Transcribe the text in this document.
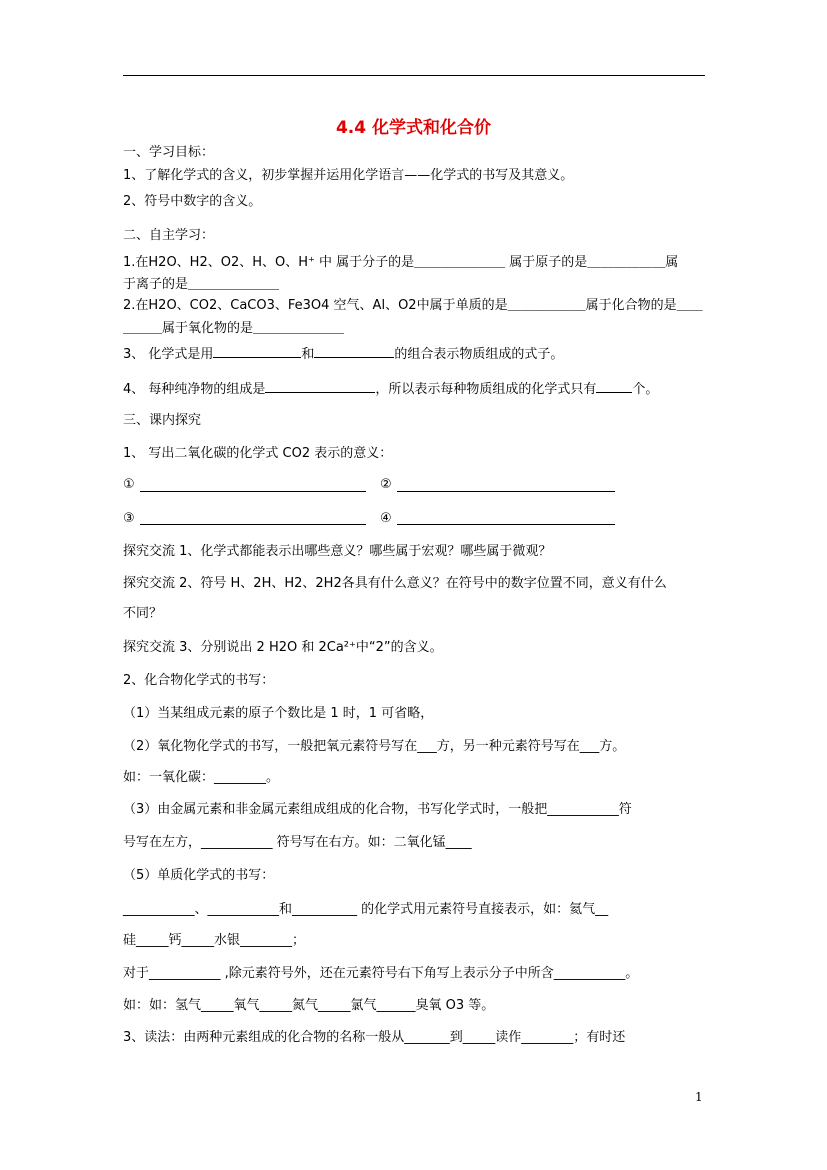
4.4 化学式和化合价
一、学习目标：
1、了解化学式的含义，初步掌握并运用化学语言——化学式的书写及其意义。
2、符号中数字的含义。
二、自主学习：
1.在H2O、H2、O2、H、O、H⁺ 中 属于分子的是＿＿＿＿＿＿＿ 属于原子的是＿＿＿＿＿＿属
于离子的是＿＿＿＿＿＿＿
2.在H2O、CO2、CaCO3、Fe3O4 空气、Al、O2中属于单质的是＿＿＿＿＿＿属于化合物的是＿＿
＿＿＿属于氧化物的是＿＿＿＿＿＿＿
3、 化学式是用	和	的组合表示物质组成的式子。
4、 每种纯净物的组成是	，所以表示每种物质组成的化学式只有	个。
三、课内探究
1、 写出二氧化碳的化学式 CO2 表示的意义：
①	②
③	④
探究交流 1、化学式都能表示出哪些意义？哪些属于宏观？哪些属于微观？
探究交流 2、符号 H、2H、H2、2H2各具有什么意义？在符号中的数字位置不同，意义有什么
不同？
探究交流 3、分别说出 2 H2O 和 2Ca²⁺中“2”的含义。
2、化合物化学式的书写：
（1）当某组成元素的原子个数比是 1 时，1 可省略，
（2）氧化物化学式的书写，一般把氧元素符号写在___方，另一种元素符号写在___方。
如：一氧化碳：________。
（3）由金属元素和非金属元素组成组成的化合物，书写化学式时，一般把___________符
号写在左方，___________ 符号写在右方。如：二氧化锰____
（5）单质化学式的书写：
___________、___________和__________ 的化学式用元素符号直接表示，如：氦气__
硅_____钙_____水银________；
对于___________ ,除元素符号外，还在元素符号右下角写上表示分子中所含___________。
如：如：氢气_____氧气_____氮气_____氯气______臭氧 O3 等。
3、读法：由两种元素组成的化合物的名称一般从_______到_____读作________；有时还
1
